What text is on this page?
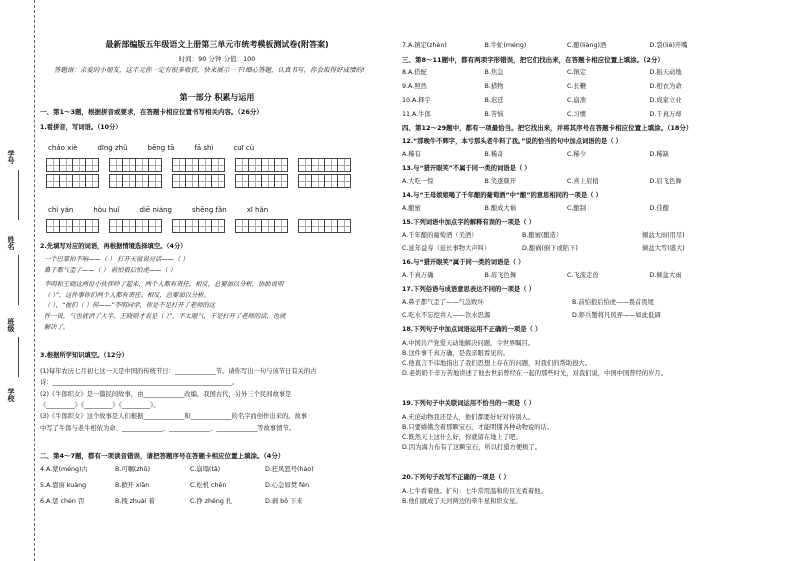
学号
姓名
班级
学校
最新部编版五年级语文上册第三单元市统考模板测试卷(附答案)
时间：90 分钟 分值：100
答题语：亲爱的小朋友，这半元你一定有很多收获，快来展示一下!细心答题，认真书写，你会取得好成绩的!
第一部分 积累与运用
一、第1～3题，根据拼音或要求，在答题卡相应位置书写相关内容。（26分）
1.看拼音，写词语。（10分）
cháo xiè	dīng zhǔ	bēng tā	fā shì	cuī cù
chí yán	hòu huǐ	diē niáng	shēng fǎn	xī hǎn
2.先填写对应的词语，再根据情境选择填空。（4分）
一个巴掌拍不响——（ ） 打开天窗说亮话——（ ）
鼻子都气歪了——（ ） 前怕狼后怕虎——（ ）
李明和王晓这两位小伙伴吵了起来，两个人都有责任。相反，总要加以分析，协助说明
（ ）”，这件事你们两个人都有责任。相反，总要加以分析。
（ ），“他们（ ）何——”李明同学，你是不是打开了老师的这
件一说，气也就消了大半。王晓则才表是（ ）”，不太服气，于是打开了老师的话，也就
解决了。
3.根据所学知识填空。（12分）
(1)每年农历七月初七这一天是中国的传统节日：_____________节。请你写出一句与该节日有关的古
诗：_________________________________________________________。
(2)《牛郎织女》是一篇民间故事，由_____________改编，我国古代，另外三个民间故事是
《_________》《_________》《_________》。
(3)《牛郎织女》这个故事是人们根据_____________和_____________的名字而创作出来的。故事
中写了牛郎与老牛相依为命、_____________、_____________、_____________等故事情节。
二、第4～7题，都有一项读音错误，请把答题序号在答题卡相应位置上填涂。（4分）
4.A.蒙(méng)古	B.可嘱(zhǔ)	C.崩塌(tā)	D.狂风怒号(háo)
5.A.靠窗 kuàng	B.掀开 xiān	C.松机 chěn	D.心急如焚 fén
6.A.惩 chén 罚	B.拽 zhuài 着	C.挣 zhēng 扎	D.剥 bō 下来
7.A.镇定(zhèn)	B.牛虻(méng)	C.酿(liàng)酒	D.裂(liè)开嘴
三、第8～11题中，都有两项字形错误，把它们找出来，在答题卡相应位置上填涂。（2分）
8.A.搭配	B.焦急	C.镇定	D.振天动地
9.A.照然	B.猎物	C.长鞭	D.相衣为命
10.A.释宇	B.迟廷	C.崩溃	D.成家立业
11.A.牛郎	B.苦恼	C.习惯	D.千真万却
四、第12～29题中，都有一项最恰当。把它找出来，并将其序号在答题卡相应位置上填涂。（18分）
12.“那晚牛不辉字，本亏那头老牛料了我。”说的恰当的句中加点词语的是（ ）
A.稀有	B.稀奇	C.稀少	D.稀缺
13.与“猎开眼笑”不属于同一类的词语是（ ）
A.大吃一惊	B.笑逐颜开	C.喜上眉梢	D.眉飞色舞
14.与“王母娘娘喝了千年酿的葡萄酒”中“酿”的意思相同的一项是（ ）
A.酿蜜	B.酿成大祸	C.酿制	D.佳酿
15.下列词语中加点字的解释有误的一项是（ ）
A.千年酿的葡萄酒（美酒）	B.酿蜜(酿造）	傾盆大雨(用尽)
C.延年益寿（延长事物大声叫）	D.酿祸(倒下或陷下)	倾盆大雪(盛大)
16.与“猎开眼笑”属于同一类的词语是（ ）
A.千真万确	B.眉飞色舞	C.飞流走兽	D.倾盆大雨
17.下列俗语与成语意思表达不同的一项是（ ）
A.鼻子都气歪了——气急败坏	B.前怕狼后怕虎——畏首畏尾
C.吃水不忘挖井人——饮水思源	D.虾兵蟹将凡风弄——如此低调
18.下列句子中加点词语运用不正确的一项是（ ）
A.中国共产党爱天动地解决问题，令世界瞩目。
B.这件事千真万确，是我亲眼看见的。
C.他直言不讳地指出了我们思想上存在的问题，对我们的帮助很大。
D.老奶奶千辛万苦地讲述了他去世前曾经在一起的那些时光，对我们说，中国中国普经的岁月。
19.下列句子中关联词运用不恰当的一项是（ ）
A.无论动物我还是人，他们都要好好对待别人。
B.只要嫦娥含着那颗宝石，才能明懂各种动物说的话。
C.既然天上这什么好，你就留在地上了吧。
D.因为海力布有了这颗宝石，所以打猎方便极了。
20.下列句子改写不正确的一项是（ ）
A.七牛看着他。扩句：七牛常用温和的目光看着他。
B.他们就成了天河两边的牵牛星和织女星。
